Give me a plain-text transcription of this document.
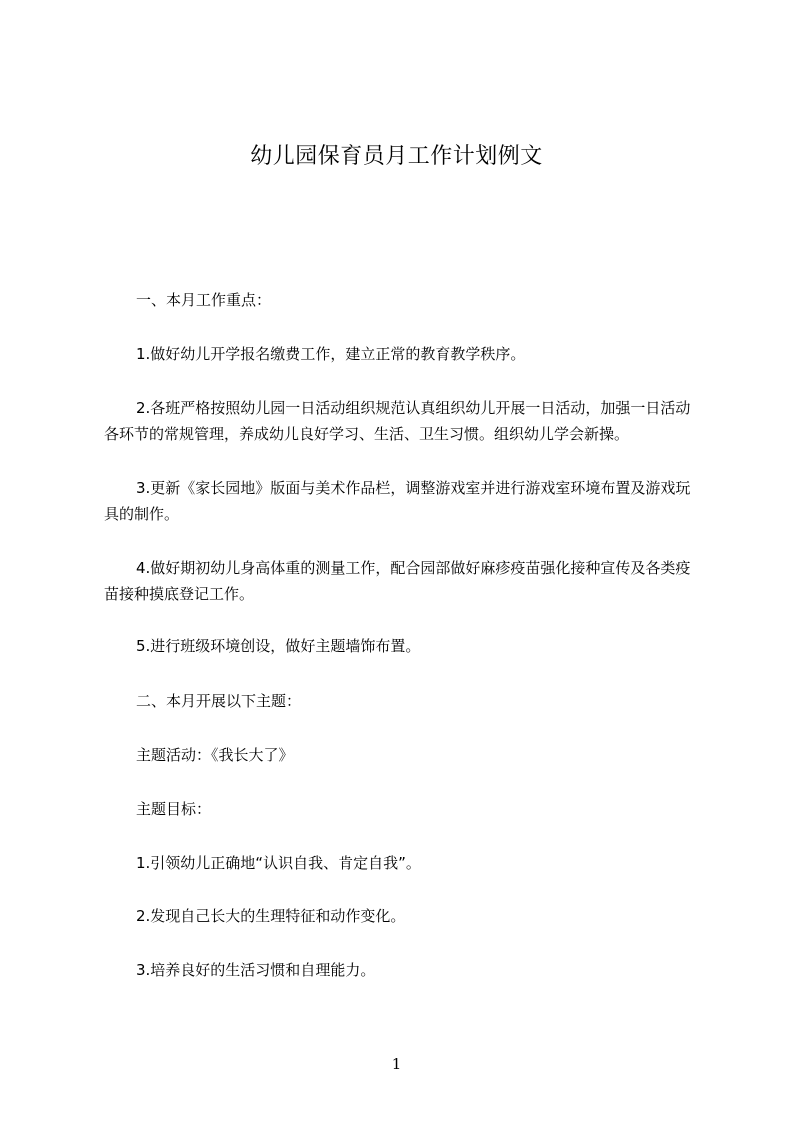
幼儿园保育员月工作计划例文

一、本月工作重点：

1.做好幼儿开学报名缴费工作，建立正常的教育教学秩序。

2.各班严格按照幼儿园一日活动组织规范认真组织幼儿开展一日活动，加强一日活动各环节的常规管理，养成幼儿良好学习、生活、卫生习惯。组织幼儿学会新操。

3.更新《家长园地》版面与美术作品栏，调整游戏室并进行游戏室环境布置及游戏玩具的制作。

4.做好期初幼儿身高体重的测量工作，配合园部做好麻疹疫苗强化接种宣传及各类疫苗接种摸底登记工作。

5.进行班级环境创设，做好主题墙饰布置。

二、本月开展以下主题：

主题活动：《我长大了》

主题目标：

1.引领幼儿正确地“认识自我、肯定自我”。

2.发现自己长大的生理特征和动作变化。

3.培养良好的生活习惯和自理能力。

1
